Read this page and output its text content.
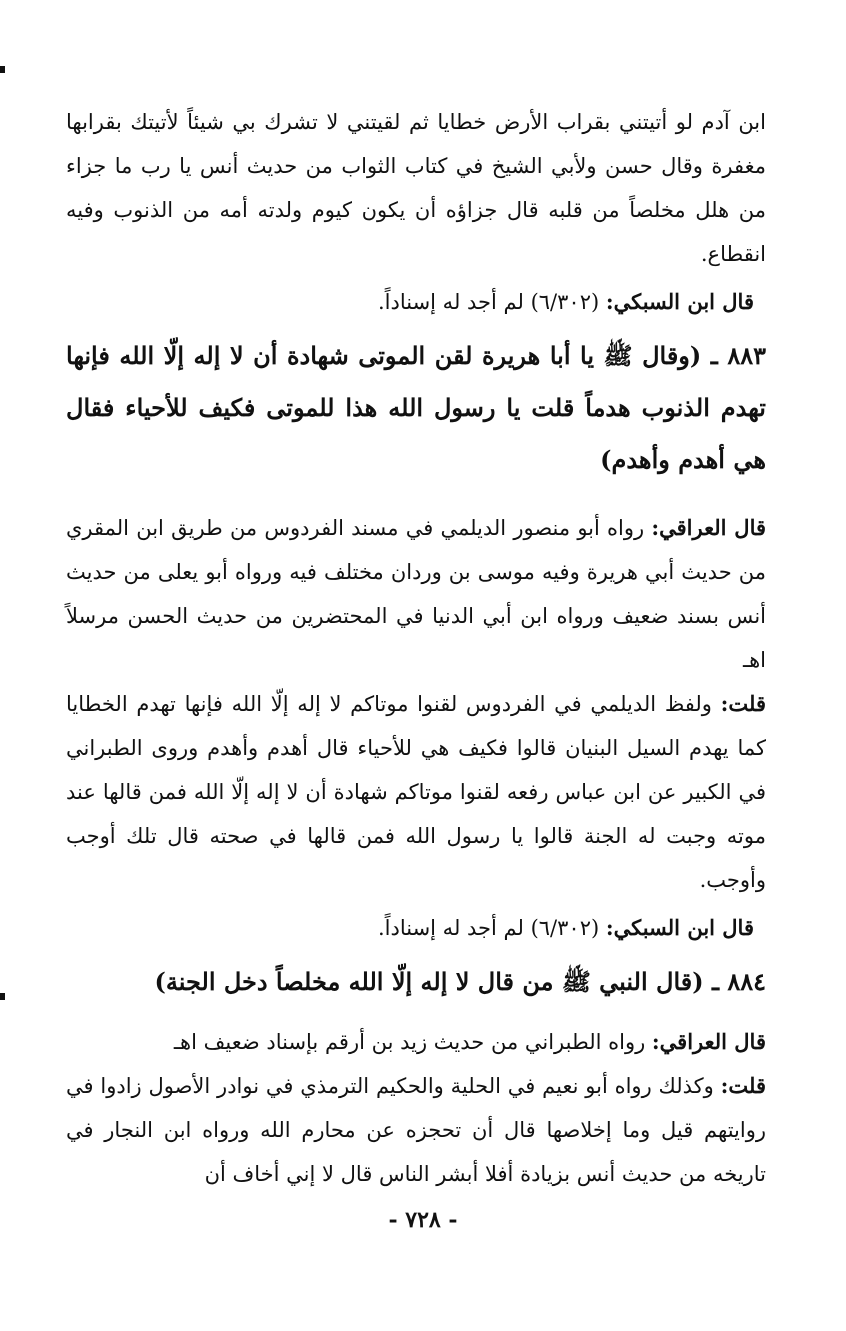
ابن آدم لو أتيتني بقراب الأرض خطايا ثم لقيتني لا تشرك بي شيئاً لأتيتك بقرابها مغفرة وقال حسن ولأبي الشيخ في كتاب الثواب من حديث أنس يا رب ما جزاء من هلل مخلصاً من قلبه قال جزاؤه أن يكون كيوم ولدته أمه من الذنوب وفيه انقطاع.

قال ابن السبكي: (٦/٣٠٢) لم أجد له إسناداً.

٨٨٣ ـ (وقال ﷺ يا أبا هريرة لقن الموتى شهادة أن لا إله إلّا الله فإنها تهدم الذنوب هدماً قلت يا رسول الله هذا للموتى فكيف للأحياء فقال هي أهدم وأهدم)

قال العراقي: رواه أبو منصور الديلمي في مسند الفردوس من طريق ابن المقري من حديث أبي هريرة وفيه موسى بن وردان مختلف فيه ورواه أبو يعلى من حديث أنس بسند ضعيف ورواه ابن أبي الدنيا في المحتضرين من حديث الحسن مرسلاً اهـ

قلت: ولفظ الديلمي في الفردوس لقنوا موتاكم لا إله إلّا الله فإنها تهدم الخطايا كما يهدم السيل البنيان قالوا فكيف هي للأحياء قال أهدم وأهدم وروى الطبراني في الكبير عن ابن عباس رفعه لقنوا موتاكم شهادة أن لا إله إلّا الله فمن قالها عند موته وجبت له الجنة قالوا يا رسول الله فمن قالها في صحته قال تلك أوجب وأوجب.

قال ابن السبكي: (٦/٣٠٢) لم أجد له إسناداً.

٨٨٤ ـ (قال النبي ﷺ من قال لا إله إلّا الله مخلصاً دخل الجنة)

قال العراقي: رواه الطبراني من حديث زيد بن أرقم بإسناد ضعيف اهـ

قلت: وكذلك رواه أبو نعيم في الحلية والحكيم الترمذي في نوادر الأصول زادوا في روايتهم قيل وما إخلاصها قال أن تحجزه عن محارم الله ورواه ابن النجار في تاريخه من حديث أنس بزيادة أفلا أبشر الناس قال لا إني أخاف أن

- ٧٢٨ -
